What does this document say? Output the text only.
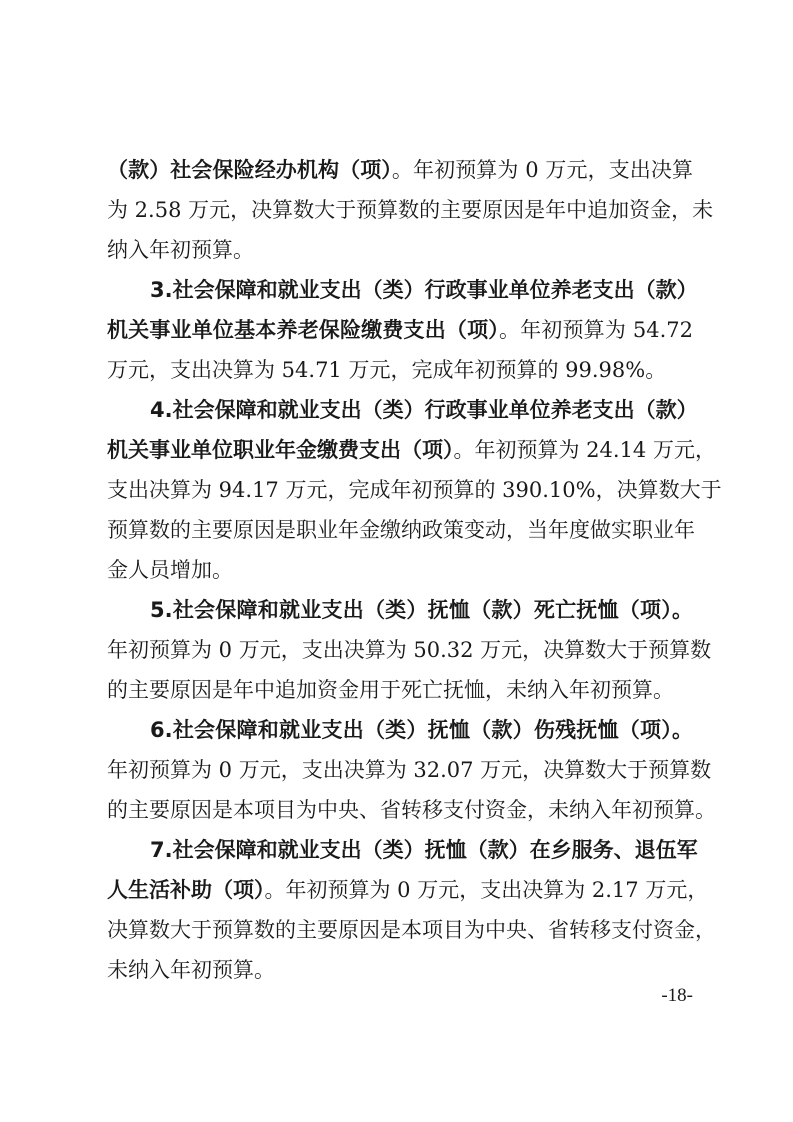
（款）社会保险经办机构（项）。年初预算为 0 万元，支出决算
为 2.58 万元，决算数大于预算数的主要原因是年中追加资金，未
纳入年初预算。
3.社会保障和就业支出（类）行政事业单位养老支出（款）
机关事业单位基本养老保险缴费支出（项）。年初预算为 54.72
万元，支出决算为 54.71 万元，完成年初预算的 99.98%。
4.社会保障和就业支出（类）行政事业单位养老支出（款）
机关事业单位职业年金缴费支出（项）。年初预算为 24.14 万元，
支出决算为 94.17 万元，完成年初预算的 390.10%，决算数大于
预算数的主要原因是职业年金缴纳政策变动，当年度做实职业年
金人员增加。
5.社会保障和就业支出（类）抚恤（款）死亡抚恤（项）。
年初预算为 0 万元，支出决算为 50.32 万元，决算数大于预算数
的主要原因是年中追加资金用于死亡抚恤，未纳入年初预算。
6.社会保障和就业支出（类）抚恤（款）伤残抚恤（项）。
年初预算为 0 万元，支出决算为 32.07 万元，决算数大于预算数
的主要原因是本项目为中央、省转移支付资金，未纳入年初预算。
7.社会保障和就业支出（类）抚恤（款）在乡服务、退伍军
人生活补助（项）。年初预算为 0 万元，支出决算为 2.17 万元，
决算数大于预算数的主要原因是本项目为中央、省转移支付资金，
未纳入年初预算。
-18-
